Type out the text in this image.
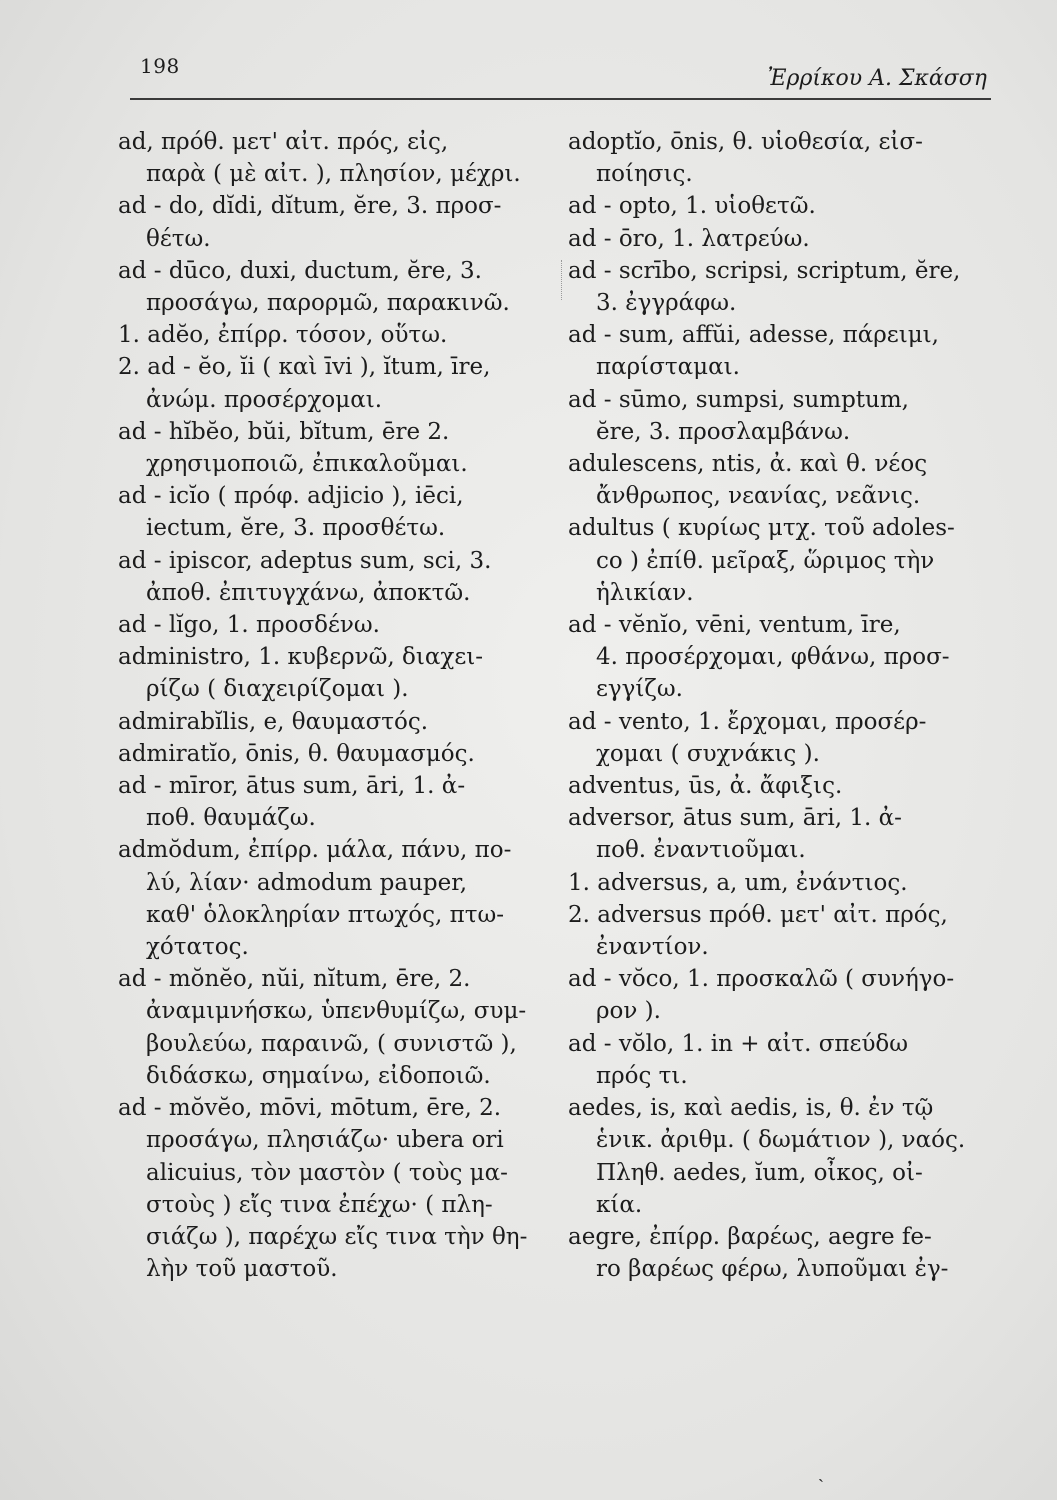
198	Ἐρρίκου Α. Σκάσση
ad, πρόθ. μετ' αἰτ. πρός, εἰς,
παρὰ ( μὲ αἰτ. ), πλησίον, μέχρι.
ad - do, dĭdi, dĭtum, ĕre, 3. προσ-
θέτω.
ad - dūco, duxi, ductum, ĕre, 3.
προσάγω, παρορμῶ, παρακινῶ.
1. adĕo, ἐπίρρ. τόσον, οὕτω.
2. ad - ĕo, ĭi ( καὶ īvi ), ĭtum, īre,
ἀνώμ. προσέρχομαι.
ad - hĭbĕo, bŭi, bĭtum, ēre 2.
χρησιμοποιῶ, ἐπικαλοῦμαι.
ad - icĭo ( πρόφ. adjicio ), iēci,
iectum, ĕre, 3. προσθέτω.
ad - ipiscor, adeptus sum, sci, 3.
ἀποθ. ἐπιτυγχάνω, ἀποκτῶ.
ad - lĭgo, 1. προσδένω.
administro, 1. κυβερνῶ, διαχει-
ρίζω ( διαχειρίζομαι ).
admirabĭlis, e, θαυμαστός.
admiratĭo, ōnis, θ. θαυμασμός.
ad - mīror, ātus sum, āri, 1. ἀ-
ποθ. θαυμάζω.
admŏdum, ἐπίρρ. μάλα, πάνυ, πο-
λύ, λίαν· admodum pauper,
καθ' ὁλοκληρίαν πτωχός, πτω-
χότατος.
ad - mŏnĕo, nŭi, nĭtum, ēre, 2.
ἀναμιμνήσκω, ὑπενθυμίζω, συμ-
βουλεύω, παραινῶ, ( συνιστῶ ),
διδάσκω, σημαίνω, εἰδοποιῶ.
ad - mŏvĕo, mōvi, mōtum, ēre, 2.
προσάγω, πλησιάζω· ubera ori
alicuius, τὸν μαστὸν ( τοὺς μα-
στοὺς ) εἴς τινα ἐπέχω· ( πλη-
σιάζω ), παρέχω εἴς τινα τὴν θη-
λὴν τοῦ μαστοῦ.
adoptĭo, ōnis, θ. υἱοθεσία, εἰσ-
ποίησις.
ad - opto, 1. υἱοθετῶ.
ad - ōro, 1. λατρεύω.
ad - scrībo, scripsi, scriptum, ĕre,
3. ἐγγράφω.
ad - sum, affŭi, adesse, πάρειμι,
παρίσταμαι.
ad - sūmo, sumpsi, sumptum,
ĕre, 3. προσλαμβάνω.
adulescens, ntis, ἀ. καὶ θ. νέος
ἄνθρωπος, νεανίας, νεᾶνις.
adultus ( κυρίως μτχ. τοῦ adoles-
co ) ἐπίθ. μεῖραξ, ὥριμος τὴν
ἡλικίαν.
ad - vĕnĭo, vēni, ventum, īre,
4. προσέρχομαι, φθάνω, προσ-
εγγίζω.
ad - vento, 1. ἔρχομαι, προσέρ-
χομαι ( συχνάκις ).
adventus, ūs, ἀ. ἄφιξις.
adversor, ātus sum, āri, 1. ἀ-
ποθ. ἐναντιοῦμαι.
1. adversus, a, um, ἐνάντιος.
2. adversus πρόθ. μετ' αἰτ. πρός,
ἐναντίον.
ad - vŏco, 1. προσκαλῶ ( συνήγο-
ρον ).
ad - vŏlo, 1. in + αἰτ. σπεύδω
πρός τι.
aedes, is, καὶ aedis, is, θ. ἐν τῷ
ἑνικ. ἀριθμ. ( δωμάτιον ), ναός.
Πληθ. aedes, ĭum, οἶκος, οἰ-
κία.
aegre, ἐπίρρ. βαρέως, aegre fe-
ro βαρέως φέρω, λυποῦμαι ἐγ-
ˏ
